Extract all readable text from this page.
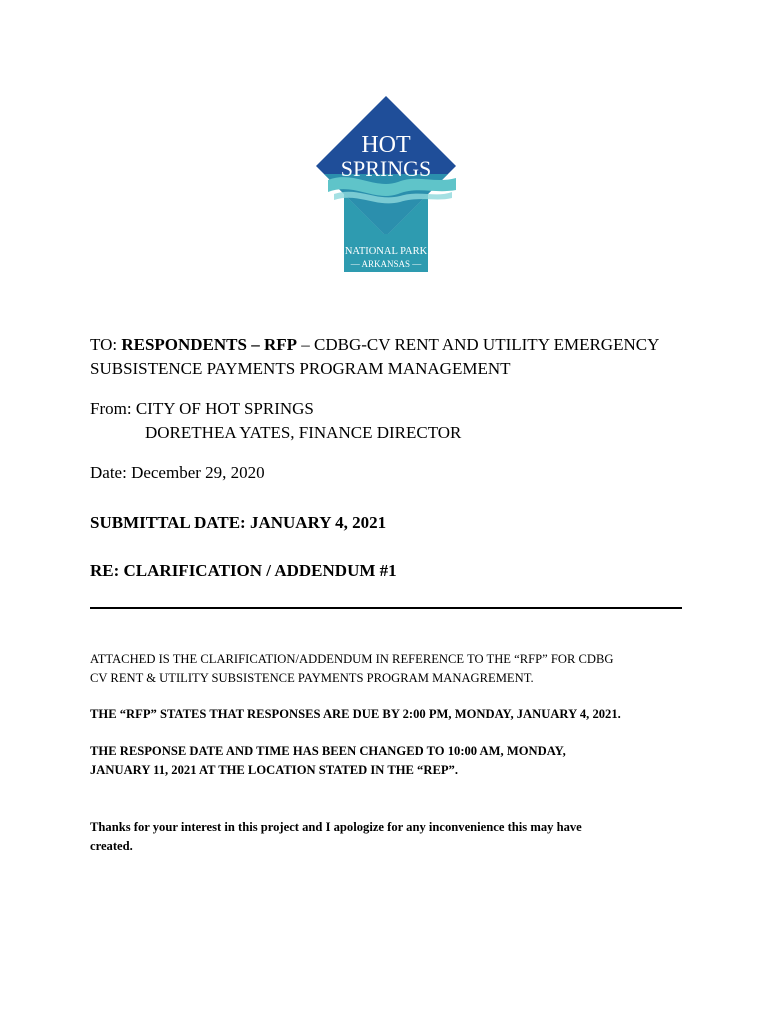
HOT
SPRINGS
NATIONAL PARK
— ARKANSAS —
TO: RESPONDENTS – RFP – CDBG-CV RENT AND UTILITY EMERGENCY
SUBSISTENCE PAYMENTS PROGRAM MANAGEMENT
From: CITY OF HOT SPRINGS
DORETHEA YATES, FINANCE DIRECTOR
Date: December 29, 2020
SUBMITTAL DATE: JANUARY 4, 2021
RE: CLARIFICATION / ADDENDUM #1
ATTACHED IS THE CLARIFICATION/ADDENDUM IN REFERENCE TO THE “RFP” FOR CDBG
CV RENT & UTILITY SUBSISTENCE PAYMENTS PROGRAM MANAGREMENT.
THE “RFP” STATES THAT RESPONSES ARE DUE BY 2:00 PM, MONDAY, JANUARY 4, 2021.
THE RESPONSE DATE AND TIME HAS BEEN CHANGED TO 10:00 AM, MONDAY,
JANUARY 11, 2021 AT THE LOCATION STATED IN THE “REP”.
Thanks for your interest in this project and I apologize for any inconvenience this may have
created.
